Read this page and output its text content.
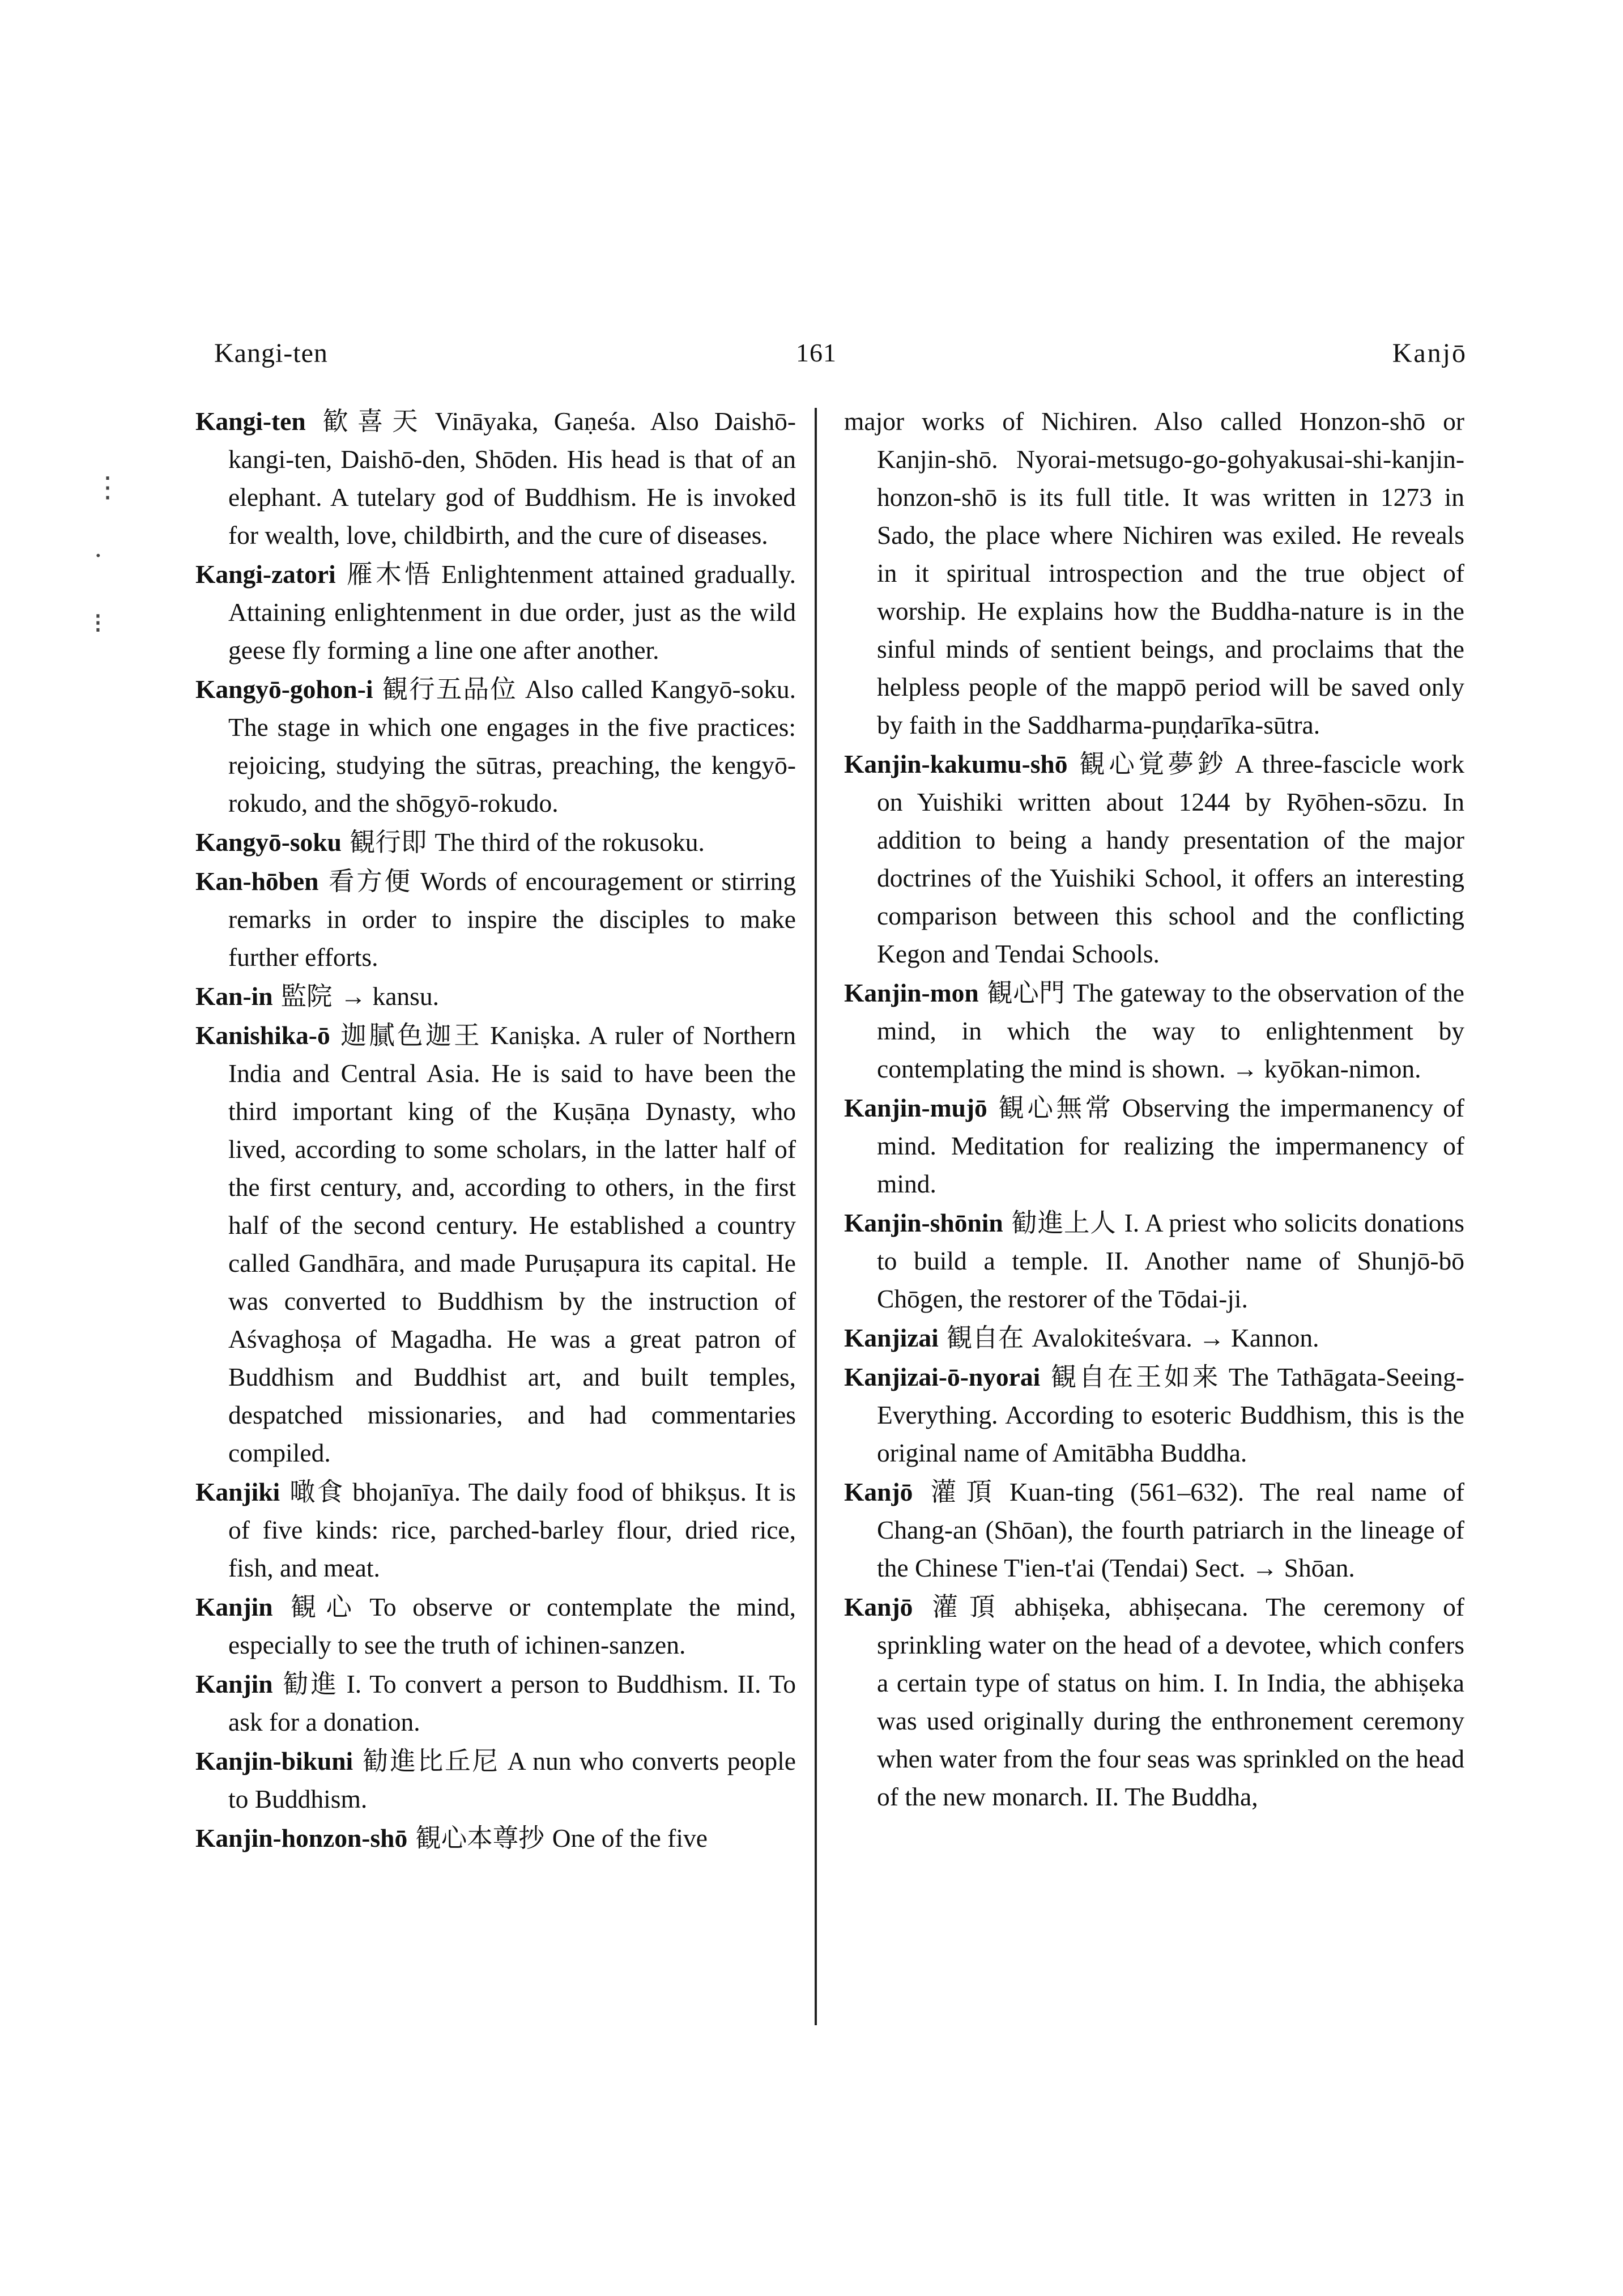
Kangi-ten	161	Kanjō
⋮
·
⁝
Kangi-ten 歓喜天 Vināyaka, Gaṇeśa. Also Daishō-kangi-ten, Daishō-den, Shōden. His head is that of an elephant. A tutelary god of Buddhism. He is invoked for wealth, love, childbirth, and the cure of diseases.
Kangi-zatori 雁木悟 Enlightenment attained gradually. Attaining enlightenment in due order, just as the wild geese fly forming a line one after another.
Kangyō-gohon-i 観行五品位 Also called Kangyō-soku. The stage in which one engages in the five practices: rejoicing, studying the sūtras, preaching, the kengyō-rokudo, and the shōgyō-rokudo.
Kangyō-soku 観行即 The third of the rokusoku.
Kan-hōben 看方便 Words of encouragement or stirring remarks in order to inspire the disciples to make further efforts.
Kan-in 監院 → kansu.
Kanishika-ō 迦膩色迦王 Kaniṣka. A ruler of Northern India and Central Asia. He is said to have been the third important king of the Kuṣāṇa Dynasty, who lived, according to some scholars, in the latter half of the first century, and, according to others, in the first half of the second century. He established a country called Gandhāra, and made Puruṣapura its capital. He was converted to Buddhism by the instruction of Aśvaghoṣa of Magadha. He was a great patron of Buddhism and Buddhist art, and built temples, despatched missionaries, and had commentaries compiled.
Kanjiki 噉食 bhojanīya. The daily food of bhikṣus. It is of five kinds: rice, parched-barley flour, dried rice, fish, and meat.
Kanjin 観心 To observe or contemplate the mind, especially to see the truth of ichinen-sanzen.
Kanjin 勧進 I. To convert a person to Buddhism. II. To ask for a donation.
Kanjin-bikuni 勧進比丘尼 A nun who converts people to Buddhism.
Kanjin-honzon-shō 観心本尊抄 One of the five
major works of Nichiren. Also called Honzon-shō or Kanjin-shō. Nyorai-metsugo-go-gohyakusai-shi-kanjin-honzon-shō is its full title. It was written in 1273 in Sado, the place where Nichiren was exiled. He reveals in it spiritual introspection and the true object of worship. He explains how the Buddha-nature is in the sinful minds of sentient beings, and proclaims that the helpless people of the mappō period will be saved only by faith in the Saddharma-puṇḍarīka-sūtra.
Kanjin-kakumu-shō 観心覚夢鈔 A three-fascicle work on Yuishiki written about 1244 by Ryōhen-sōzu. In addition to being a handy presentation of the major doctrines of the Yuishiki School, it offers an interesting comparison between this school and the conflicting Kegon and Tendai Schools.
Kanjin-mon 観心門 The gateway to the observation of the mind, in which the way to enlightenment by contemplating the mind is shown. → kyōkan-nimon.
Kanjin-mujō 観心無常 Observing the impermanency of mind. Meditation for realizing the impermanency of mind.
Kanjin-shōnin 勧進上人 I. A priest who solicits donations to build a temple. II. Another name of Shunjō-bō Chōgen, the restorer of the Tōdai-ji.
Kanjizai 観自在 Avalokiteśvara. → Kannon.
Kanjizai-ō-nyorai 観自在王如来 The Tathāgata-Seeing-Everything. According to esoteric Buddhism, this is the original name of Amitābha Buddha.
Kanjō 灌頂 Kuan-ting (561–632). The real name of Chang-an (Shōan), the fourth patriarch in the lineage of the Chinese T'ien-t'ai (Tendai) Sect. → Shōan.
Kanjō 灌頂 abhiṣeka, abhiṣecana. The ceremony of sprinkling water on the head of a devotee, which confers a certain type of status on him. I. In India, the abhiṣeka was used originally during the enthronement ceremony when water from the four seas was sprinkled on the head of the new monarch. II. The Buddha,
